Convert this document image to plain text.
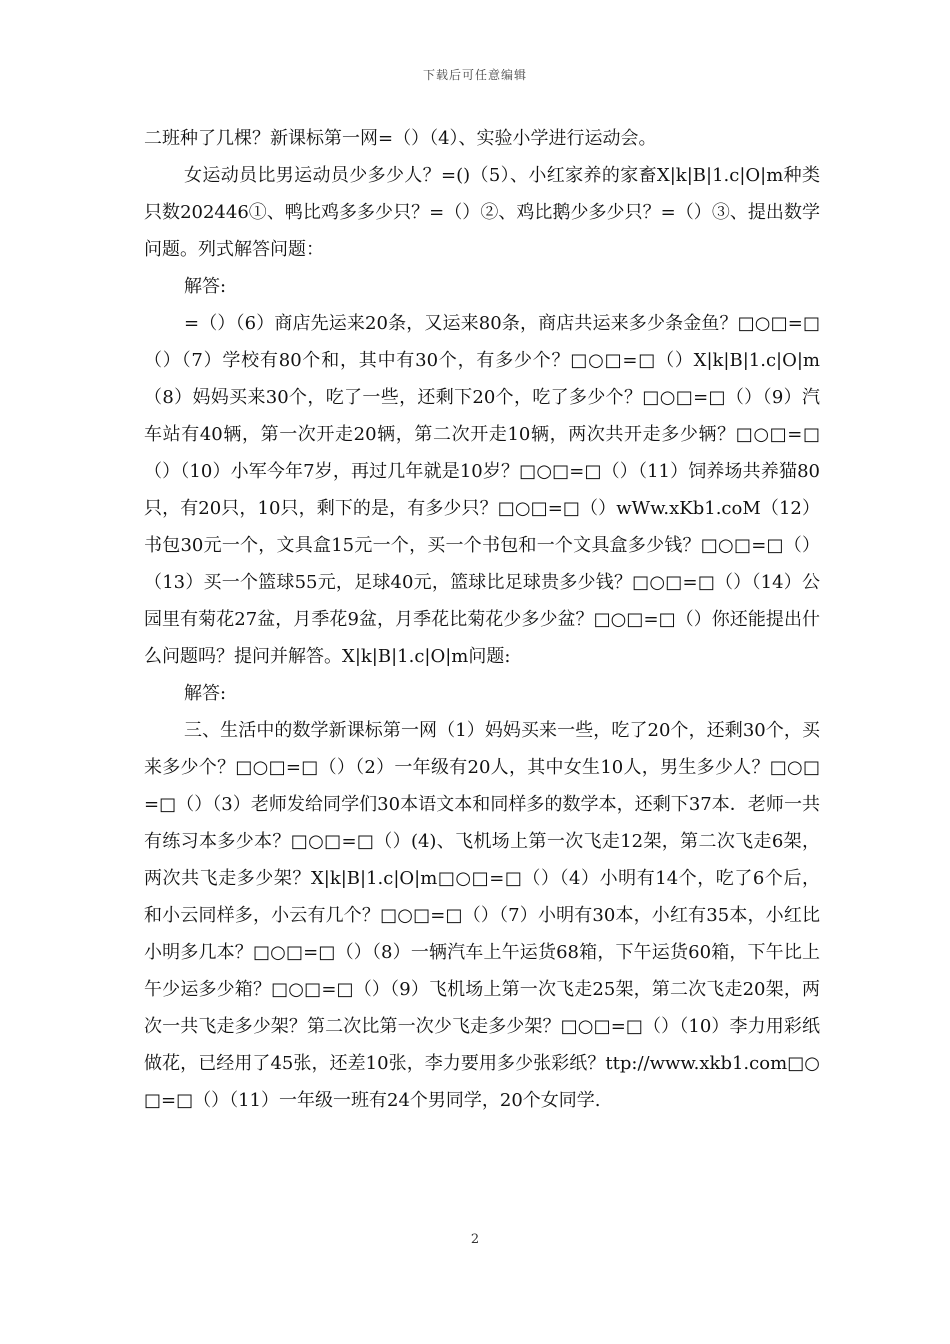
下载后可任意编辑

二班种了几棵？新课标第一网=（）（4）、实验小学进行运动会。

女运动员比男运动员少多少人？=()（5）、小红家养的家畜X|k|B|1.c|O|m种类只数202446①、鸭比鸡多多少只？=（）②、鸡比鹅少多少只？=（）③、提出数学问题。列式解答问题：

解答:

=（）（6）商店先运来20条，又运来80条，商店共运来多少条金鱼？□○□=□（）（7）学校有80个和，其中有30个，有多少个？□○□=□（）X|k|B|1.c|O|m（8）妈妈买来30个，吃了一些，还剩下20个，吃了多少个？□○□=□（）（9）汽车站有40辆，第一次开走20辆，第二次开走10辆，两次共开走多少辆？□○□=□（）（10）小军今年7岁，再过几年就是10岁？□○□=□（）（11）饲养场共养猫80只，有20只，10只，剩下的是，有多少只？□○□=□（）wWw.xKb1.coM（12）书包30元一个，文具盒15元一个，买一个书包和一个文具盒多少钱？□○□=□（）（13）买一个篮球55元，足球40元，篮球比足球贵多少钱？□○□=□（）（14）公园里有菊花27盆，月季花9盆，月季花比菊花少多少盆？□○□=□（）你还能提出什么问题吗？提问并解答。X|k|B|1.c|O|m问题:

解答:

三、生活中的数学新课标第一网（1）妈妈买来一些，吃了20个，还剩30个，买来多少个？□○□=□（）（2）一年级有20人，其中女生10人，男生多少人？□○□=□（）（3）老师发给同学们30本语文本和同样多的数学本，还剩下37本．老师一共有练习本多少本？□○□=□（）(4)、飞机场上第一次飞走12架，第二次飞走6架，两次共飞走多少架？X|k|B|1.c|O|m□○□=□（）（4）小明有14个，吃了6个后，和小云同样多，小云有几个？□○□=□（）（7）小明有30本，小红有35本，小红比小明多几本？□○□=□（）（8）一辆汽车上午运货68箱，下午运货60箱，下午比上午少运多少箱？□○□=□（）（9）飞机场上第一次飞走25架，第二次飞走20架，两次一共飞走多少架？第二次比第一次少飞走多少架？□○□=□（）（10）李力用彩纸做花，已经用了45张，还差10张，李力要用多少张彩纸？ttp://www.xkb1.com□○□=□（）（11）一年级一班有24个男同学，20个女同学.

2
